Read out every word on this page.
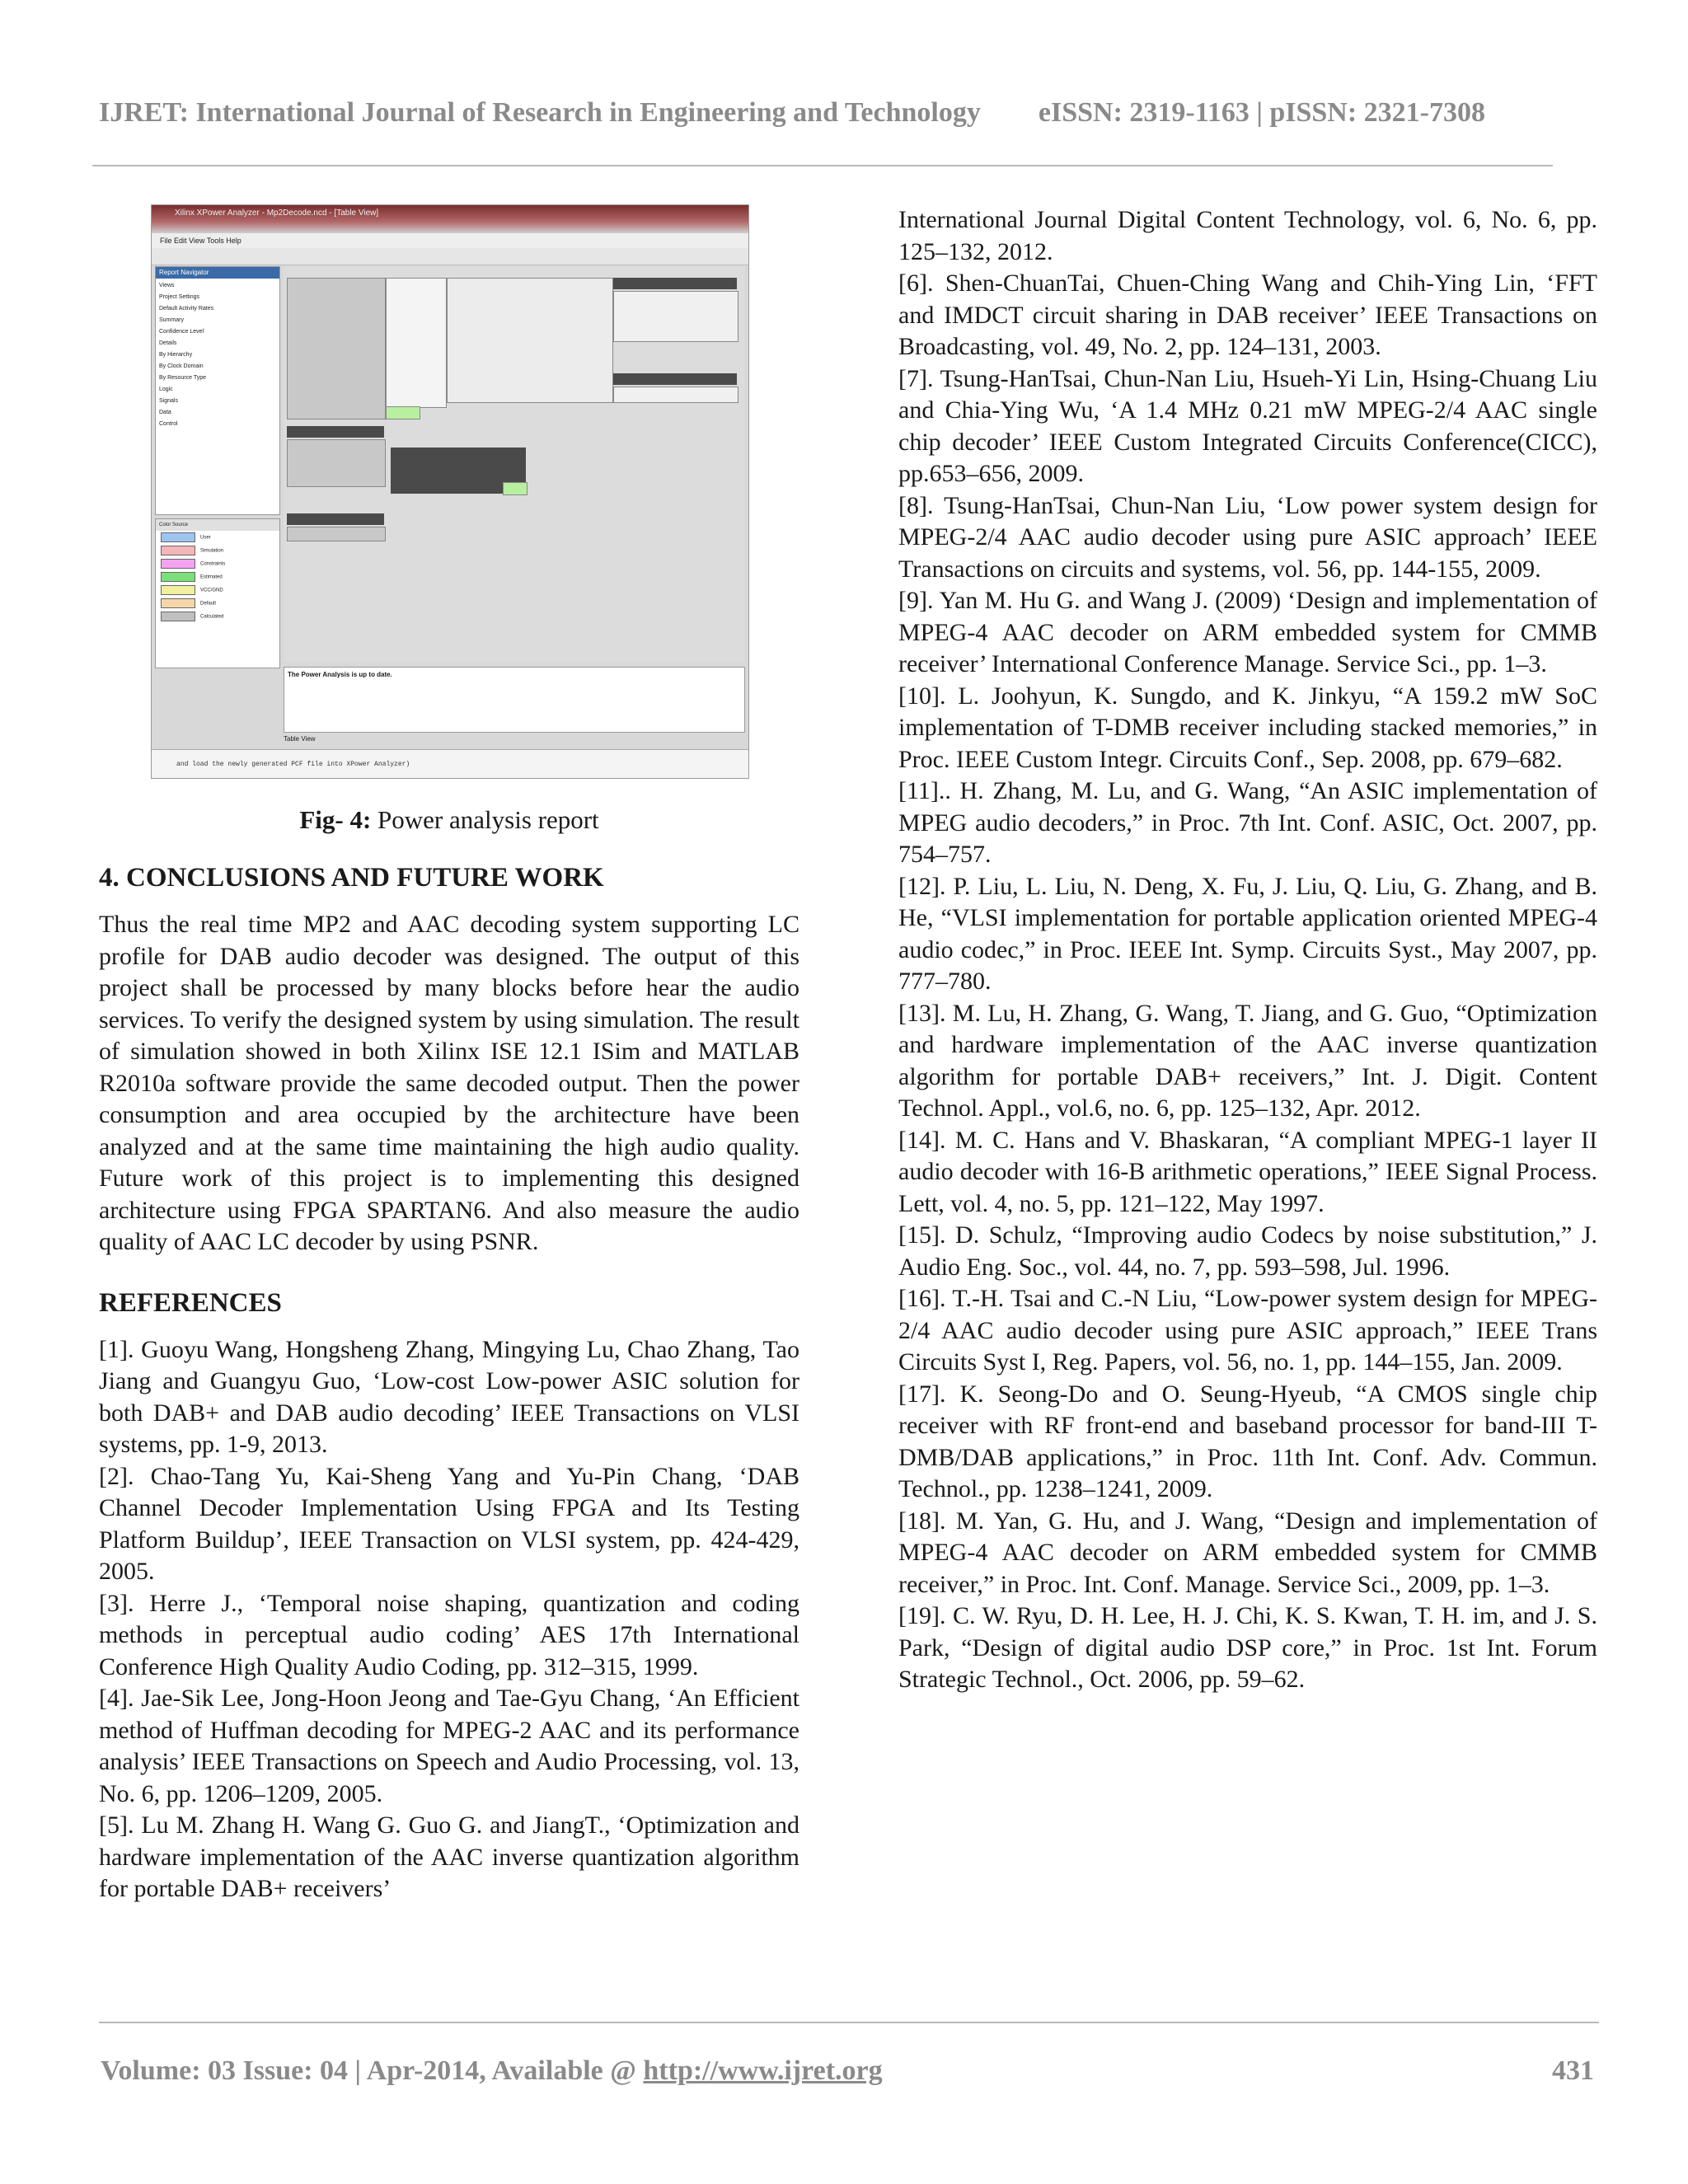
IJRET: International Journal of Research in Engineering and Technology eISSN: 2319-1163 | pISSN: 2321-7308
Xilinx XPower Analyzer - Mp2Decode.ncd - [Table View]
File Edit View Tools Help
Report Navigator
Views
Project Settings
Default Activity Rates
Summary
Confidence Level
Details
By Hierarchy
By Clock Domain
By Resource Type
Logic
Signals
Data
Control
Color Source
User
Simulation
Constraints
Estimated
VCC/GND
Default
Calculated
The Power Analysis is up to date.
Table View
and load the newly generated PCF file into XPower Analyzer)

Fig- 4: Power analysis report

4. CONCLUSIONS AND FUTURE WORK

Thus the real time MP2 and AAC decoding system supporting LC profile for DAB audio decoder was designed. The output of this project shall be processed by many blocks before hear the audio services. To verify the designed system by using simulation. The result of simulation showed in both Xilinx ISE 12.1 ISim and MATLAB R2010a software provide the same decoded output. Then the power consumption and area occupied by the architecture have been analyzed and at the same time maintaining the high audio quality. Future work of this project is to implementing this designed architecture using FPGA SPARTAN6. And also measure the audio quality of AAC LC decoder by using PSNR.

REFERENCES

[1]. Guoyu Wang, Hongsheng Zhang, Mingying Lu, Chao Zhang, Tao Jiang and Guangyu Guo, ‘Low-cost Low-power ASIC solution for both DAB+ and DAB audio decoding’ IEEE Transactions on VLSI systems, pp. 1-9, 2013.

[2]. Chao-Tang Yu, Kai-Sheng Yang and Yu-Pin Chang, ‘DAB Channel Decoder Implementation Using FPGA and Its Testing Platform Buildup’, IEEE Transaction on VLSI system, pp. 424-429, 2005.

[3]. Herre J., ‘Temporal noise shaping, quantization and coding methods in perceptual audio coding’ AES 17th International Conference High Quality Audio Coding, pp. 312–315, 1999.

[4]. Jae-Sik Lee, Jong-Hoon Jeong and Tae-Gyu Chang, ‘An Efficient method of Huffman decoding for MPEG-2 AAC and its performance analysis’ IEEE Transactions on Speech and Audio Processing, vol. 13, No. 6, pp. 1206–1209, 2005.

[5]. Lu M. Zhang H. Wang G. Guo G. and JiangT., ‘Optimization and hardware implementation of the AAC inverse quantization algorithm for portable DAB+ receivers’

International Journal Digital Content Technology, vol. 6, No. 6, pp. 125–132, 2012.

[6]. Shen-ChuanTai, Chuen-Ching Wang and Chih-Ying Lin, ‘FFT and IMDCT circuit sharing in DAB receiver’ IEEE Transactions on Broadcasting, vol. 49, No. 2, pp. 124–131, 2003.

[7]. Tsung-HanTsai, Chun-Nan Liu, Hsueh-Yi Lin, Hsing-Chuang Liu and Chia-Ying Wu, ‘A 1.4 MHz 0.21 mW MPEG-2/4 AAC single chip decoder’ IEEE Custom Integrated Circuits Conference(CICC), pp.653–656, 2009.

[8]. Tsung-HanTsai, Chun-Nan Liu, ‘Low power system design for MPEG-2/4 AAC audio decoder using pure ASIC approach’ IEEE Transactions on circuits and systems, vol. 56, pp. 144-155, 2009.

[9]. Yan M. Hu G. and Wang J. (2009) ‘Design and implementation of MPEG-4 AAC decoder on ARM embedded system for CMMB receiver’ International Conference Manage. Service Sci., pp. 1–3.

[10]. L. Joohyun, K. Sungdo, and K. Jinkyu, “A 159.2 mW SoC implementation of T-DMB receiver including stacked memories,” in Proc. IEEE Custom Integr. Circuits Conf., Sep. 2008, pp. 679–682.

[11].. H. Zhang, M. Lu, and G. Wang, “An ASIC implementation of MPEG audio decoders,” in Proc. 7th Int. Conf. ASIC, Oct. 2007, pp. 754–757.

[12]. P. Liu, L. Liu, N. Deng, X. Fu, J. Liu, Q. Liu, G. Zhang, and B. He, “VLSI implementation for portable application oriented MPEG-4 audio codec,” in Proc. IEEE Int. Symp. Circuits Syst., May 2007, pp. 777–780.

[13]. M. Lu, H. Zhang, G. Wang, T. Jiang, and G. Guo, “Optimization and hardware implementation of the AAC inverse quantization algorithm for portable DAB+ receivers,” Int. J. Digit. Content Technol. Appl., vol.6, no. 6, pp. 125–132, Apr. 2012.

[14]. M. C. Hans and V. Bhaskaran, “A compliant MPEG-1 layer II audio decoder with 16-B arithmetic operations,” IEEE Signal Process. Lett, vol. 4, no. 5, pp. 121–122, May 1997.

[15]. D. Schulz, “Improving audio Codecs by noise substitution,” J. Audio Eng. Soc., vol. 44, no. 7, pp. 593–598, Jul. 1996.

[16]. T.-H. Tsai and C.-N Liu, “Low-power system design for MPEG-2/4 AAC audio decoder using pure ASIC approach,” IEEE Trans Circuits Syst I, Reg. Papers, vol. 56, no. 1, pp. 144–155, Jan. 2009.

[17]. K. Seong-Do and O. Seung-Hyeub, “A CMOS single chip receiver with RF front-end and baseband processor for band-III T-DMB/DAB applications,” in Proc. 11th Int. Conf. Adv. Commun. Technol., pp. 1238–1241, 2009.

[18]. M. Yan, G. Hu, and J. Wang, “Design and implementation of MPEG-4 AAC decoder on ARM embedded system for CMMB receiver,” in Proc. Int. Conf. Manage. Service Sci., 2009, pp. 1–3.

[19]. C. W. Ryu, D. H. Lee, H. J. Chi, K. S. Kwan, T. H. im, and J. S. Park, “Design of digital audio DSP core,” in Proc. 1st Int. Forum Strategic Technol., Oct. 2006, pp. 59–62.

Volume: 03 Issue: 04 | Apr-2014, Available @ http://www.ijret.org	431
